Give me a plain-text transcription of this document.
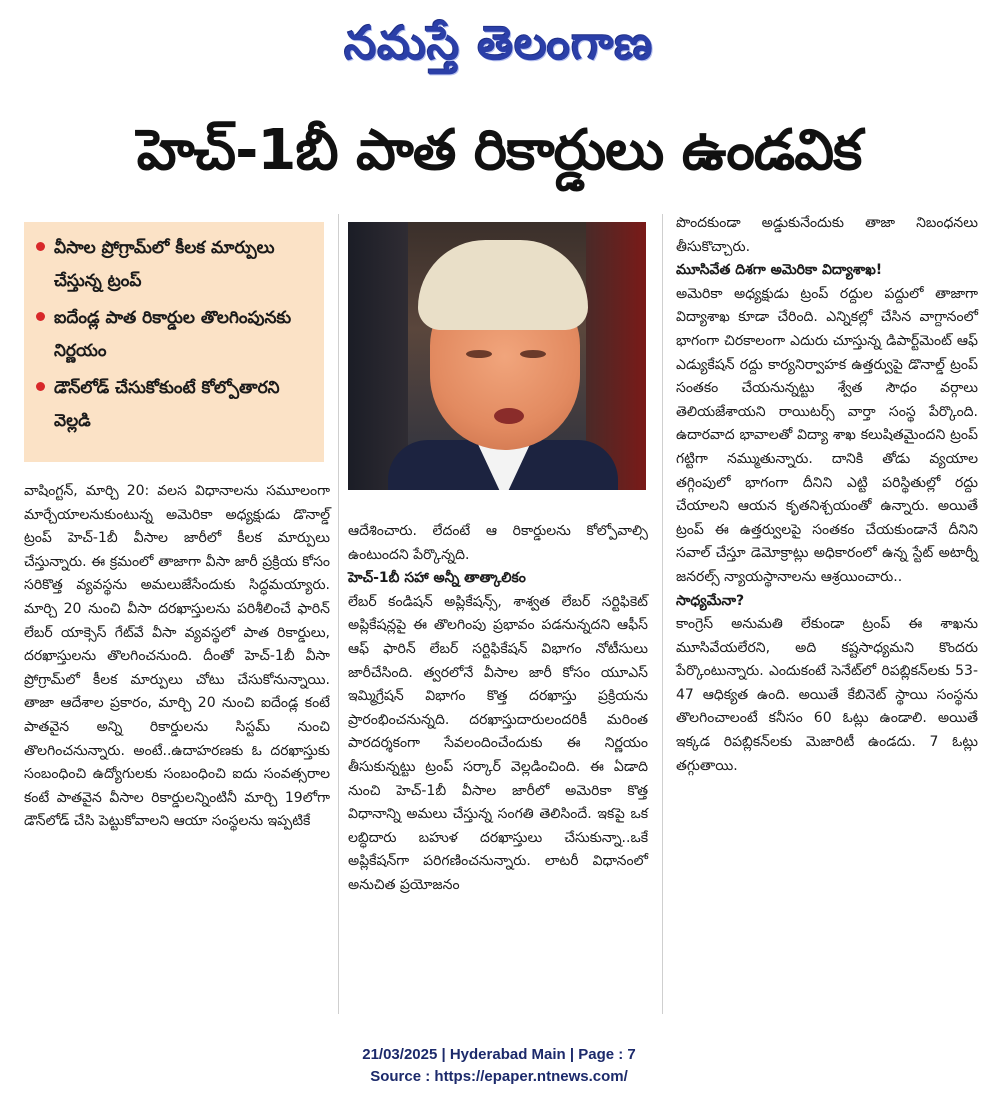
నమస్తే తెలంగాణ
హెచ్-1బీ పాత రికార్డులు ఉండవిక
వీసాల ప్రోగ్రామ్‌లో కీలక మార్పులు చేస్తున్న ట్రంప్
ఐదేండ్ల పాత రికార్డుల తొలగింపునకు నిర్ణయం
డౌన్‌లోడ్ చేసుకోకుంటే కోల్పోతారని వెల్లడి

వాషింగ్టన్, మార్చి 20: వలస విధానాలను సమూలంగా మార్చేయాలనుకుంటున్న అమెరికా అధ్యక్షుడు డొనాల్డ్ ట్రంప్ హెచ్-1బీ వీసాల జారీలో కీలక మార్పులు చేస్తున్నారు. ఈ క్రమంలో తాజాగా వీసా జారీ ప్రక్రియ కోసం సరికొత్త వ్యవస్థను అమలుజేసేందుకు సిద్ధమయ్యారు. మార్చి 20 నుంచి వీసా దరఖాస్తులను పరిశీలించే ఫారిన్ లేబర్ యాక్సెస్ గేట్‌వే వీసా వ్యవస్థలో పాత రికార్డులు, దరఖాస్తులను తొలగించనుంది. దీంతో హెచ్-1బీ వీసా ప్రోగ్రామ్‌లో కీలక మార్పులు చోటు చేసుకోనున్నాయి. తాజా ఆదేశాల ప్రకారం, మార్చి 20 నుంచి ఐదేండ్ల కంటే పాతవైన అన్ని రికార్డులను సిస్టమ్ నుంచి తొలగించనున్నారు. అంటే..ఉదాహరణకు ఓ దరఖాస్తుకు సంబంధించి ఉద్యోగులకు సంబంధించి ఐదు సంవత్సరాల కంటే పాతవైన వీసాల రికార్డులన్నింటినీ మార్చి 19లోగా డౌన్‌లోడ్ చేసి పెట్టుకోవాలని ఆయా సంస్థలను ఇప్పటికే

ఆదేశించారు. లేదంటే ఆ రికార్డులను కోల్పోవాల్సి ఉంటుందని పేర్కొన్నది.

హెచ్-1బీ సహా అన్నీ తాత్కాలికం

లేబర్ కండిషన్ అప్లికేషన్స్, శాశ్వత లేబర్ సర్టిఫికెట్ అప్లికేషన్లపై ఈ తొలగింపు ప్రభావం పడనున్నదని ఆఫీస్ ఆఫ్ ఫారిన్ లేబర్ సర్టిఫికేషన్ విభాగం నోటీసులు జారీచేసింది. త్వరలోనే వీసాల జారీ కోసం యూఎస్ ఇమ్మిగ్రేషన్ విభాగం కొత్త దరఖాస్తు ప్రక్రియను ప్రారంభించనున్నది. దరఖాస్తుదారులందరికీ మరింత పారదర్శకంగా సేవలందించేందుకు ఈ నిర్ణయం తీసుకున్నట్టు ట్రంప్ సర్కార్ వెల్లడించింది. ఈ ఏడాది నుంచి హెచ్-1బీ వీసాల జారీలో అమెరికా కొత్త విధానాన్ని అమలు చేస్తున్న సంగతి తెలిసిందే. ఇకపై ఒక లబ్ధిదారు బహుళ దరఖాస్తులు చేసుకున్నా..ఒకే అప్లికేషన్‌గా పరిగణించనున్నారు. లాటరీ విధానంలో అనుచిత ప్రయోజనం

పొందకుండా అడ్డుకునేందుకు తాజా నిబంధనలు తీసుకొచ్చారు.

మూసివేత దిశగా అమెరికా విద్యాశాఖ!

అమెరికా అధ్యక్షుడు ట్రంప్ రద్దుల పద్దులో తాజాగా విద్యాశాఖ కూడా చేరింది. ఎన్నికల్లో చేసిన వాగ్దానంలో భాగంగా చిరకాలంగా ఎదురు చూస్తున్న డిపార్ట్‌మెంట్ ఆఫ్ ఎడ్యుకేషన్ రద్దు కార్యనిర్వాహక ఉత్తర్వుపై డొనాల్డ్ ట్రంప్ సంతకం చేయనున్నట్టు శ్వేత సౌధం వర్గాలు తెలియజేశాయని రాయిటర్స్ వార్తా సంస్థ పేర్కొంది. ఉదారవాద భావాలతో విద్యా శాఖ కలుషితమైందని ట్రంప్ గట్టిగా నమ్ముతున్నారు. దానికి తోడు వ్యయాల తగ్గింపులో భాగంగా దీనిని ఎట్టి పరిస్థితుల్లో రద్దు చేయాలని ఆయన కృతనిశ్చయంతో ఉన్నారు. అయితే ట్రంప్ ఈ ఉత్తర్వులపై సంతకం చేయకుండానే దీనిని సవాల్ చేస్తూ డెమోక్రాట్లు అధికారంలో ఉన్న స్టేట్ అటార్నీ జనరల్స్ న్యాయస్థానాలను ఆశ్రయించారు..

సాధ్యమేనా?

కాంగ్రెస్ అనుమతి లేకుండా ట్రంప్ ఈ శాఖను మూసివేయలేరని, అది కష్టసాధ్యమని కొందరు పేర్కొంటున్నారు. ఎందుకంటే సెనేట్‌లో రిపబ్లికన్‌లకు 53-47 ఆధిక్యత ఉంది. అయితే కేబినెట్ స్థాయి సంస్థను తొలగించాలంటే కనీసం 60 ఓట్లు ఉండాలి. అయితే ఇక్కడ రిపబ్లికన్‌లకు మెజారిటీ ఉండదు. 7 ఓట్లు తగ్గుతాయి.

21/03/2025 | Hyderabad Main | Page : 7
Source : https://epaper.ntnews.com/
